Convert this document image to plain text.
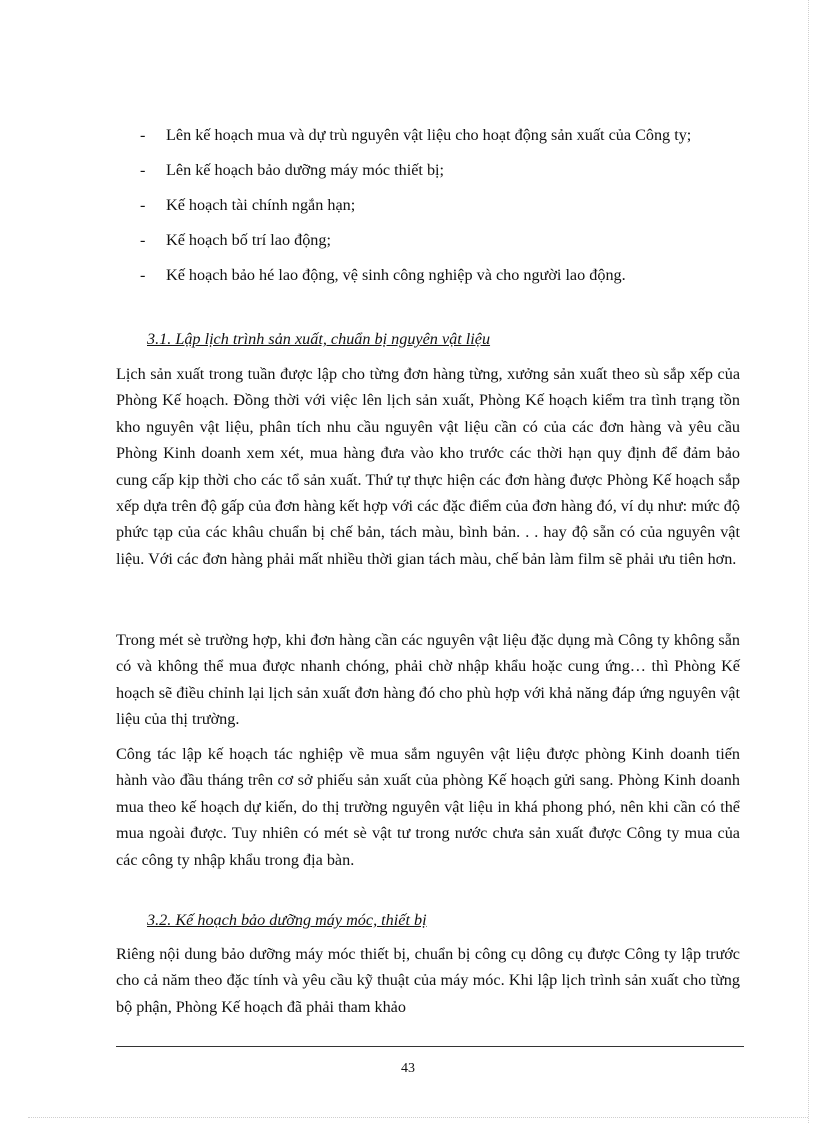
-	Lên kế hoạch mua và dự trù nguyên vật liệu cho hoạt động sản xuất của Công ty;
-	Lên kế hoạch bảo dưỡng máy móc thiết bị;
-	Kế hoạch tài chính ngắn hạn;
-	Kế hoạch bố trí lao động;
-	Kế hoạch bảo hé lao động, vệ sinh công nghiệp và cho người lao động.
3.1. Lập lịch trình sản xuất, chuẩn bị nguyên vật liệu

Lịch sản xuất trong tuần được lập cho từng đơn hàng từng, xưởng sản xuất theo sù sắp xếp của Phòng Kế hoạch. Đồng thời với việc lên lịch sản xuất, Phòng Kế hoạch kiểm tra tình trạng tồn kho nguyên vật liệu, phân tích nhu cầu nguyên vật liệu cần có của các đơn hàng và yêu cầu Phòng Kinh doanh xem xét, mua hàng đưa vào kho trước các thời hạn quy định để đảm bảo cung cấp kịp thời cho các tổ sản xuất. Thứ tự thực hiện các đơn hàng được Phòng Kế hoạch sắp xếp dựa trên độ gấp của đơn hàng kết hợp với các đặc điểm của đơn hàng đó, ví dụ như: mức độ phức tạp của các khâu chuẩn bị chế bản, tách màu, bình bản. . . hay độ sẵn có của nguyên vật liệu. Với các đơn hàng phải mất nhiều thời gian tách màu, chế bản làm film sẽ phải ưu tiên hơn.

Trong mét sè trường hợp, khi đơn hàng cần các nguyên vật liệu đặc dụng mà Công ty không sẵn có và không thể mua được nhanh chóng, phải chờ nhập khẩu hoặc cung ứng… thì Phòng Kế hoạch sẽ điều chỉnh lại lịch sản xuất đơn hàng đó cho phù hợp với khả năng đáp ứng nguyên vật liệu của thị trường.

Công tác lập kế hoạch tác nghiệp về mua sắm nguyên vật liệu được phòng Kinh doanh tiến hành vào đầu tháng trên cơ sở phiếu sản xuất của phòng Kế hoạch gửi sang. Phòng Kinh doanh mua theo kế hoạch dự kiến, do thị trường nguyên vật liệu in khá phong phó, nên khi cần có thể mua ngoài được. Tuy nhiên có mét sè vật tư trong nước chưa sản xuất được Công ty mua của các công ty nhập khẩu trong địa bàn.

3.2. Kế hoạch bảo dưỡng máy móc, thiết bị

Riêng nội dung bảo dưỡng máy móc thiết bị, chuẩn bị công cụ dông cụ được Công ty lập trước cho cả năm theo đặc tính và yêu cầu kỹ thuật của máy móc. Khi lập lịch trình sản xuất cho từng bộ phận, Phòng Kế hoạch đã phải tham khảo

43
